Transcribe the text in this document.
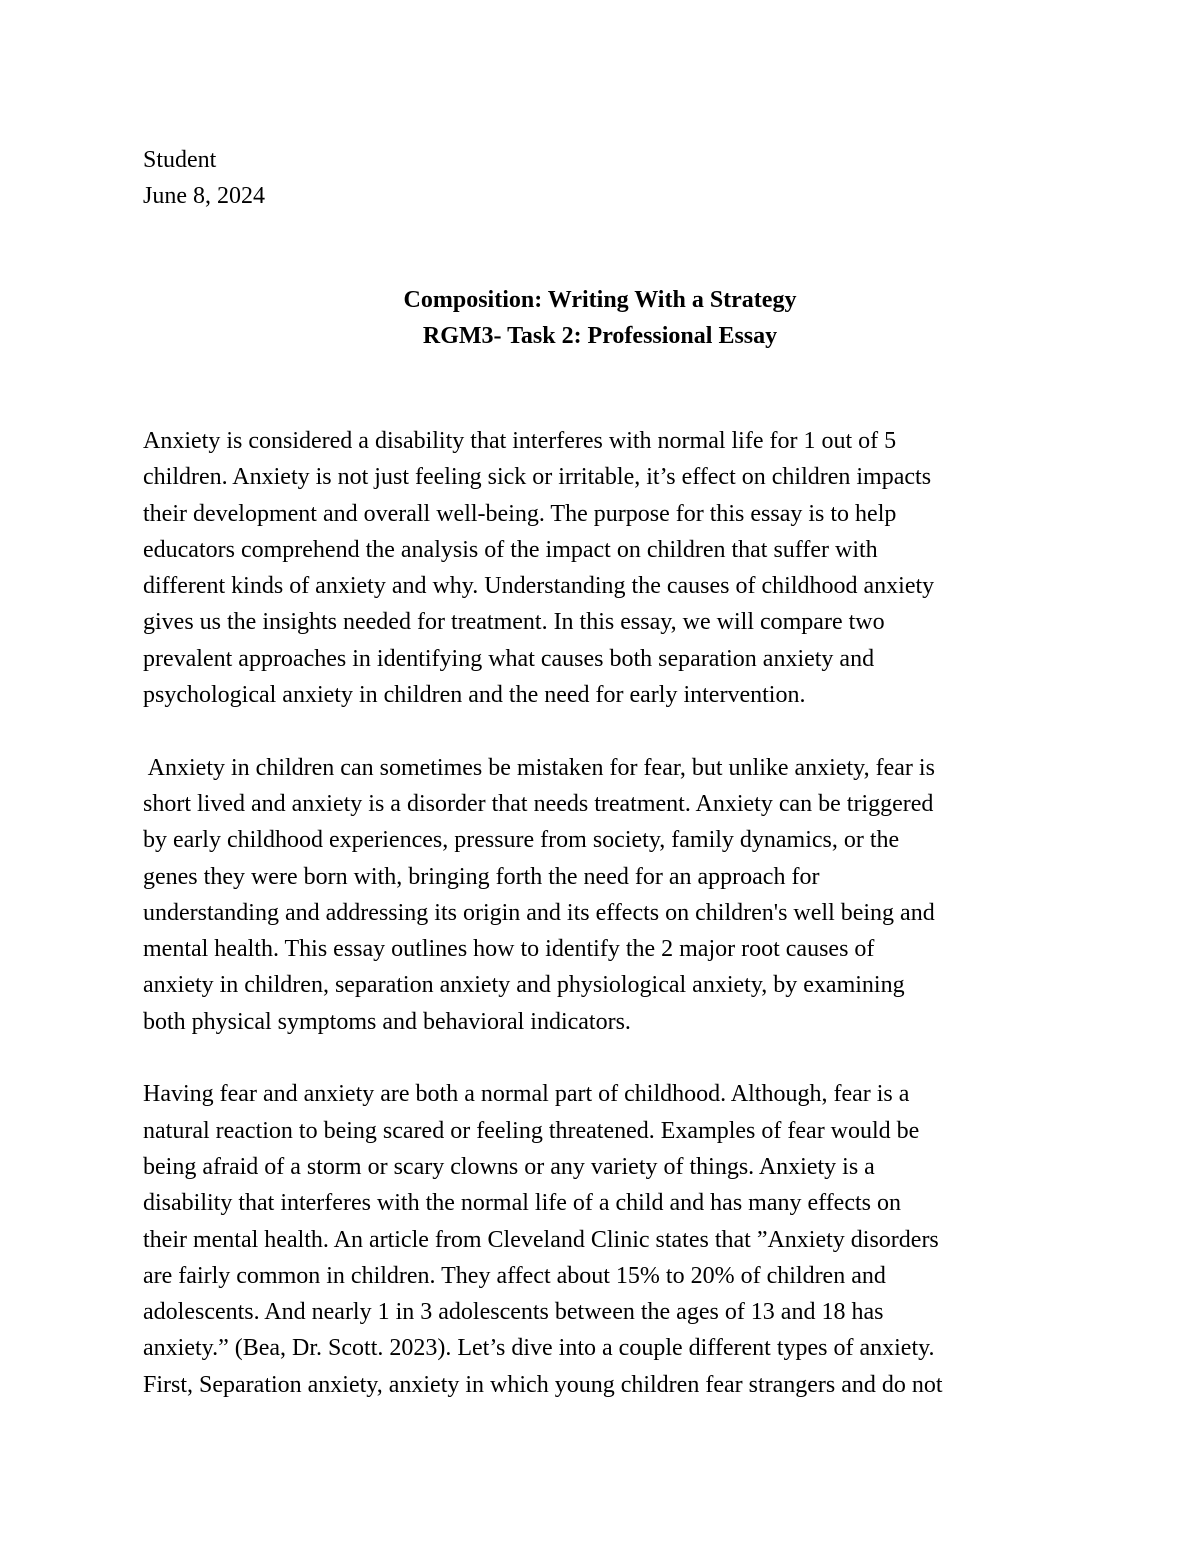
Student
June 8, 2024
Composition: Writing With a Strategy
RGM3- Task 2: Professional Essay
Anxiety is considered a disability that interferes with normal life for 1 out of 5
children. Anxiety is not just feeling sick or irritable, it’s effect on children impacts
their development and overall well-being. The purpose for this essay is to help
educators comprehend the analysis of the impact on children that suffer with
different kinds of anxiety and why. Understanding the causes of childhood anxiety
gives us the insights needed for treatment. In this essay, we will compare two
prevalent approaches in identifying what causes both separation anxiety and
psychological anxiety in children and the need for early intervention.
Anxiety in children can sometimes be mistaken for fear, but unlike anxiety, fear is
short lived and anxiety is a disorder that needs treatment. Anxiety can be triggered
by early childhood experiences, pressure from society, family dynamics, or the
genes they were born with, bringing forth the need for an approach for
understanding and addressing its origin and its effects on children's well being and
mental health. This essay outlines how to identify the 2 major root causes of
anxiety in children, separation anxiety and physiological anxiety, by examining
both physical symptoms and behavioral indicators.
Having fear and anxiety are both a normal part of childhood. Although, fear is a
natural reaction to being scared or feeling threatened. Examples of fear would be
being afraid of a storm or scary clowns or any variety of things. Anxiety is a
disability that interferes with the normal life of a child and has many effects on
their mental health. An article from Cleveland Clinic states that ”Anxiety disorders
are fairly common in children. They affect about 15% to 20% of children and
adolescents. And nearly 1 in 3 adolescents between the ages of 13 and 18 has
anxiety.” (Bea, Dr. Scott. 2023). Let’s dive into a couple different types of anxiety.
First, Separation anxiety, anxiety in which young children fear strangers and do not
